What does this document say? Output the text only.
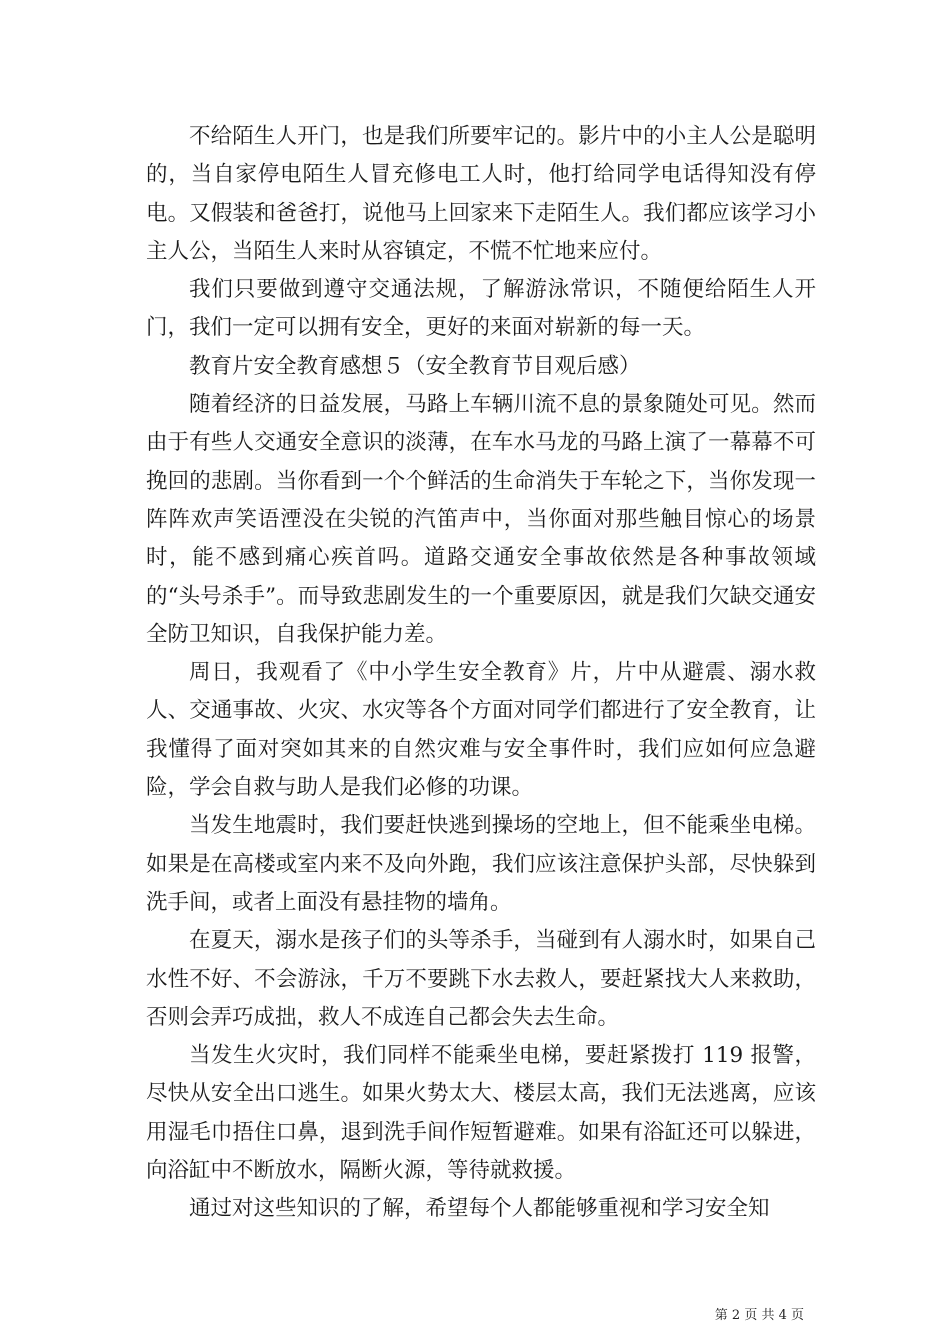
不给陌生人开门，也是我们所要牢记的。影片中的小主人公是聪明的，当自家停电陌生人冒充修电工人时，他打给同学电话得知没有停电。又假装和爸爸打，说他马上回家来下走陌生人。我们都应该学习小主人公，当陌生人来时从容镇定，不慌不忙地来应付。

我们只要做到遵守交通法规，了解游泳常识，不随便给陌生人开门，我们一定可以拥有安全，更好的来面对崭新的每一天。

教育片安全教育感想５（安全教育节目观后感）

随着经济的日益发展，马路上车辆川流不息的景象随处可见。然而由于有些人交通安全意识的淡薄，在车水马龙的马路上演了一幕幕不可挽回的悲剧。当你看到一个个鲜活的生命消失于车轮之下，当你发现一阵阵欢声笑语湮没在尖锐的汽笛声中，当你面对那些触目惊心的场景时，能不感到痛心疾首吗。道路交通安全事故依然是各种事故领域的“头号杀手”。而导致悲剧发生的一个重要原因，就是我们欠缺交通安全防卫知识，自我保护能力差。

周日，我观看了《中小学生安全教育》片，片中从避震、溺水救人、交通事故、火灾、水灾等各个方面对同学们都进行了安全教育，让我懂得了面对突如其来的自然灾难与安全事件时，我们应如何应急避险，学会自救与助人是我们必修的功课。

当发生地震时，我们要赶快逃到操场的空地上，但不能乘坐电梯。如果是在高楼或室内来不及向外跑，我们应该注意保护头部，尽快躲到洗手间，或者上面没有悬挂物的墙角。

在夏天，溺水是孩子们的头等杀手，当碰到有人溺水时，如果自己水性不好、不会游泳，千万不要跳下水去救人，要赶紧找大人来救助，否则会弄巧成拙，救人不成连自己都会失去生命。

当发生火灾时，我们同样不能乘坐电梯，要赶紧拨打 119 报警，尽快从安全出口逃生。如果火势太大、楼层太高，我们无法逃离，应该用湿毛巾捂住口鼻，退到洗手间作短暂避难。如果有浴缸还可以躲进，向浴缸中不断放水，隔断火源，等待就救援。

通过对这些知识的了解，希望每个人都能够重视和学习安全知

第 2 页 共 4 页
